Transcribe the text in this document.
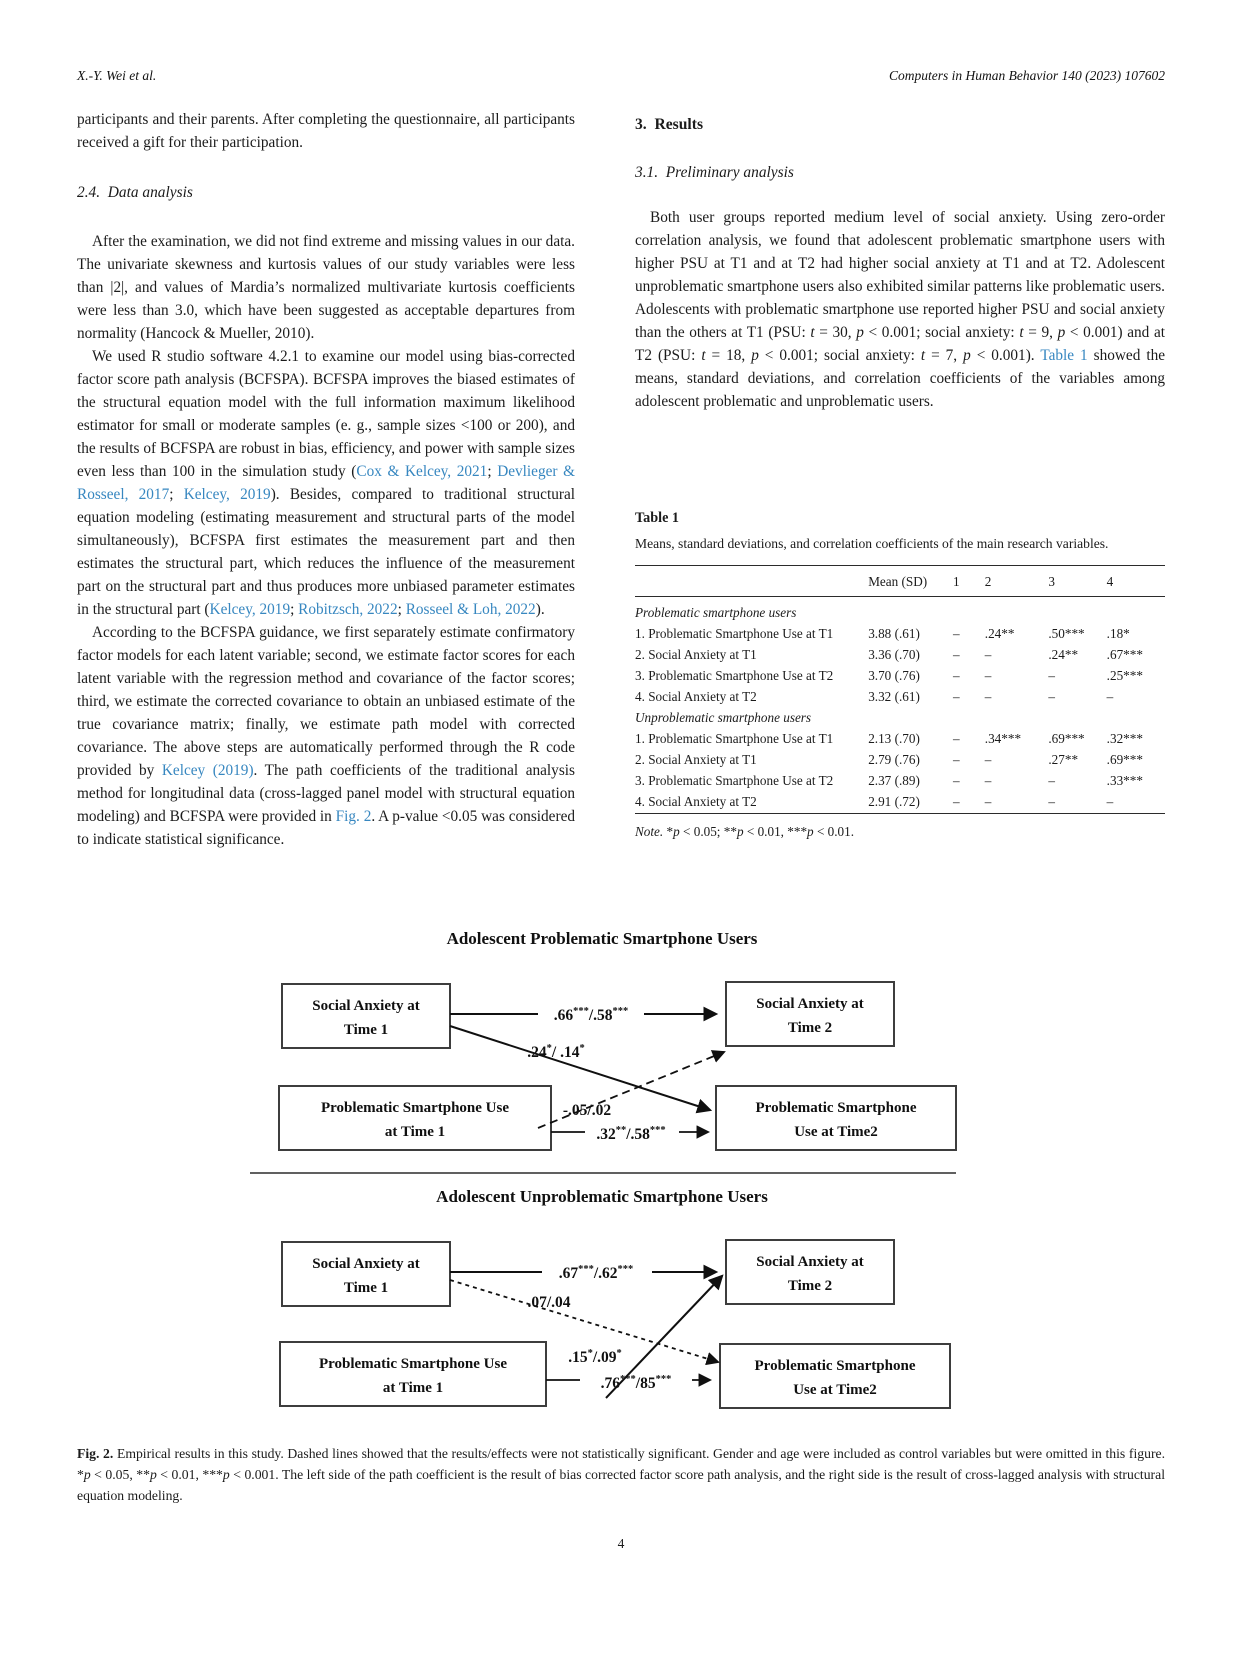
X.-Y. Wei et al.	Computers in Human Behavior 140 (2023) 107602

participants and their parents. After completing the questionnaire, all participants received a gift for their participation.

2.4.  Data analysis

After the examination, we did not find extreme and missing values in our data. The univariate skewness and kurtosis values of our study variables were less than |2|, and values of Mardia’s normalized multivariate kurtosis coefficients were less than 3.0, which have been suggested as acceptable departures from normality (Hancock & Mueller, 2010).

We used R studio software 4.2.1 to examine our model using bias-corrected factor score path analysis (BCFSPA). BCFSPA improves the biased estimates of the structural equation model with the full information maximum likelihood estimator for small or moderate samples (e. g., sample sizes <100 or 200), and the results of BCFSPA are robust in bias, efficiency, and power with sample sizes even less than 100 in the simulation study (Cox & Kelcey, 2021; Devlieger & Rosseel, 2017; Kelcey, 2019). Besides, compared to traditional structural equation modeling (estimating measurement and structural parts of the model simultaneously), BCFSPA first estimates the measurement part and then estimates the structural part, which reduces the influence of the measurement part on the structural part and thus produces more unbiased parameter estimates in the structural part (Kelcey, 2019; Robitzsch, 2022; Rosseel & Loh, 2022).

According to the BCFSPA guidance, we first separately estimate confirmatory factor models for each latent variable; second, we estimate factor scores for each latent variable with the regression method and covariance of the factor scores; third, we estimate the corrected covariance to obtain an unbiased estimate of the true covariance matrix; finally, we estimate path model with corrected covariance. The above steps are automatically performed through the R code provided by Kelcey (2019). The path coefficients of the traditional analysis method for longitudinal data (cross-lagged panel model with structural equation modeling) and BCFSPA were provided in Fig. 2. A p-value <0.05 was considered to indicate statistical significance.

3.  Results

3.1.  Preliminary analysis

Both user groups reported medium level of social anxiety. Using zero-order correlation analysis, we found that adolescent problematic smartphone users with higher PSU at T1 and at T2 had higher social anxiety at T1 and at T2. Adolescent unproblematic smartphone users also exhibited similar patterns like problematic users. Adolescents with problematic smartphone use reported higher PSU and social anxiety than the others at T1 (PSU: t = 30, p < 0.001; social anxiety: t = 9, p < 0.001) and at T2 (PSU: t = 18, p < 0.001; social anxiety: t = 7, p < 0.001). Table 1 showed the means, standard deviations, and correlation coefficients of the variables among adolescent problematic and unproblematic users.

Table 1
Means, standard deviations, and correlation coefficients of the main research variables.
	Mean (SD)	1	2	3	4
Problematic smartphone users					

1. Problematic Smartphone Use at T1	3.88 (.61)	–	.24**	.50***	.18*

2. Social Anxiety at T1	3.36 (.70)	–	–	.24**	.67***

3. Problematic Smartphone Use at T2	3.70 (.76)	–	–	–	.25***

4. Social Anxiety at T2	3.32 (.61)	–	–	–	–
Unproblematic smartphone users					

1. Problematic Smartphone Use at T1	2.13 (.70)	–	.34***	.69***	.32***

2. Social Anxiety at T1	2.79 (.76)	–	–	.27**	.69***

3. Problematic Smartphone Use at T2	2.37 (.89)	–	–	–	.33***

4. Social Anxiety at T2	2.91 (.72)	–	–	–	–
Note. *p < 0.05; **p < 0.01, ***p < 0.01.
Adolescent Problematic Smartphone Users
Social Anxiety at
Time 1
Social Anxiety at
Time 2
Problematic Smartphone Use
at Time 1
Problematic Smartphone
Use at Time2
.66***/.58***
.24*/ .14*
-.05/.02
.32**/.58***
Adolescent Unproblematic Smartphone Users
Social Anxiety at
Time 1
Social Anxiety at
Time 2
Problematic Smartphone Use
at Time 1
Problematic Smartphone
Use at Time2
.67***/.62***
.07/.04
.15*/.09*
.76***/85***
Fig. 2. Empirical results in this study. Dashed lines showed that the results/effects were not statistically significant. Gender and age were included as control variables but were omitted in this figure. *p < 0.05, **p < 0.01, ***p < 0.001. The left side of the path coefficient is the result of bias corrected factor score path analysis, and the right side is the result of cross-lagged analysis with structural equation modeling.
4
